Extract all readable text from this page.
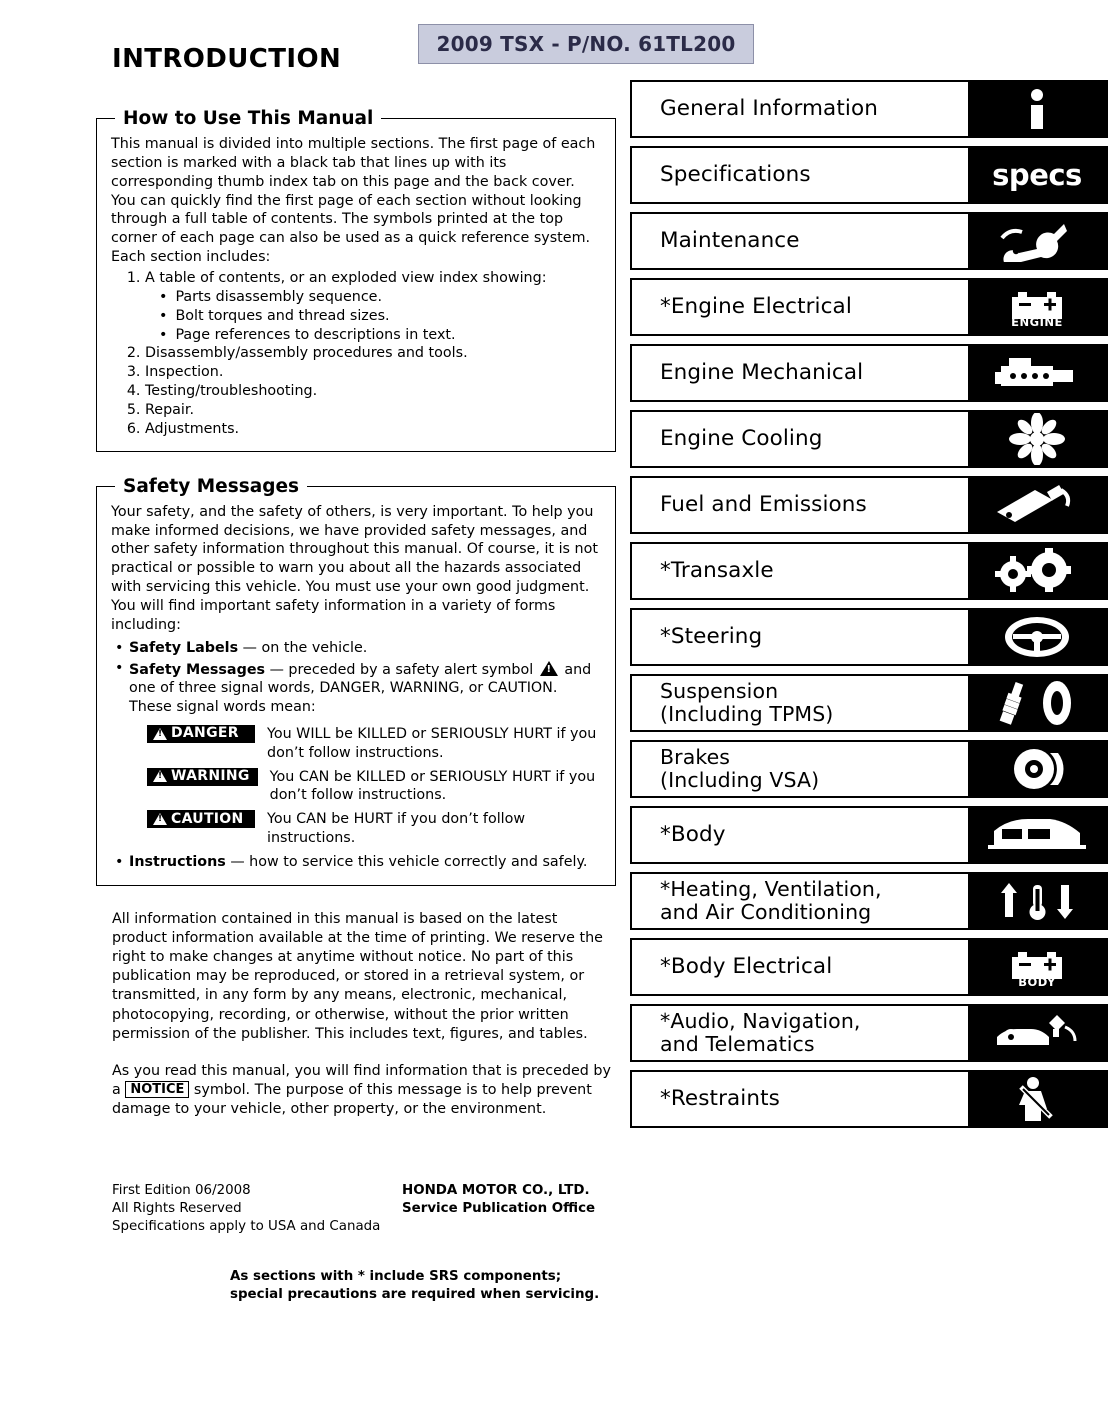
2009 TSX - P/NO. 61TL200
INTRODUCTION
How to Use This Manual
This manual is divided into multiple sections. The first page of each section is marked with a black tab that lines up with its corresponding thumb index tab on this page and the back cover. You can quickly find the first page of each section without looking through a full table of contents. The symbols printed at the top corner of each page can also be used as a quick reference system.
Each section includes:
1. A table of contents, or an exploded view index showing:
• Parts disassembly sequence.
• Bolt torques and thread sizes.
• Page references to descriptions in text.
2. Disassembly/assembly procedures and tools.
3. Inspection.
4. Testing/troubleshooting.
5. Repair.
6. Adjustments.
Safety Messages
Your safety, and the safety of others, is very important. To help you make informed decisions, we have provided safety messages, and other safety information throughout this manual. Of course, it is not practical or possible to warn you about all the hazards associated with servicing this vehicle. You must use your own good judgment.
You will find important safety information in a variety of forms including:
• Safety Labels — on the vehicle.
• Safety Messages — preceded by a safety alert symbol ! and one of three signal words, DANGER, WARNING, or CAUTION. These signal words mean:
!
DANGER You WILL be KILLED or SERIOUSLY HURT if you don’t follow instructions.
!
WARNING You CAN be KILLED or SERIOUSLY HURT if you don’t follow instructions.
!
CAUTION You CAN be HURT if you don’t follow instructions.
• Instructions — how to service this vehicle correctly and safely.

All information contained in this manual is based on the latest product information available at the time of printing. We reserve the right to make changes at anytime without notice. No part of this publication may be reproduced, or stored in a retrieval system, or transmitted, in any form by any means, electronic, mechanical, photocopying, recording, or otherwise, without the prior written permission of the publisher. This includes text, figures, and tables.

As you read this manual, you will find information that is preceded by a NOTICE symbol. The purpose of this message is to help prevent damage to your vehicle, other property, or the environment.

First Edition 06/2008
All Rights Reserved
Specifications apply to USA and Canada
HONDA MOTOR CO., LTD.
Service Publication Office
As sections with * include SRS components;
special precautions are required when servicing.
General Information
Specifications	specs
Maintenance
*Engine Electrical
ENGINE
Engine Mechanical
Engine Cooling
Fuel and Emissions
*Transaxle
*Steering
Suspension
(Including TPMS)
Brakes
(Including VSA)
*Body
*Heating, Ventilation,
and Air Conditioning
*Body Electrical
BODY
*Audio, Navigation,
and Telematics
*Restraints
